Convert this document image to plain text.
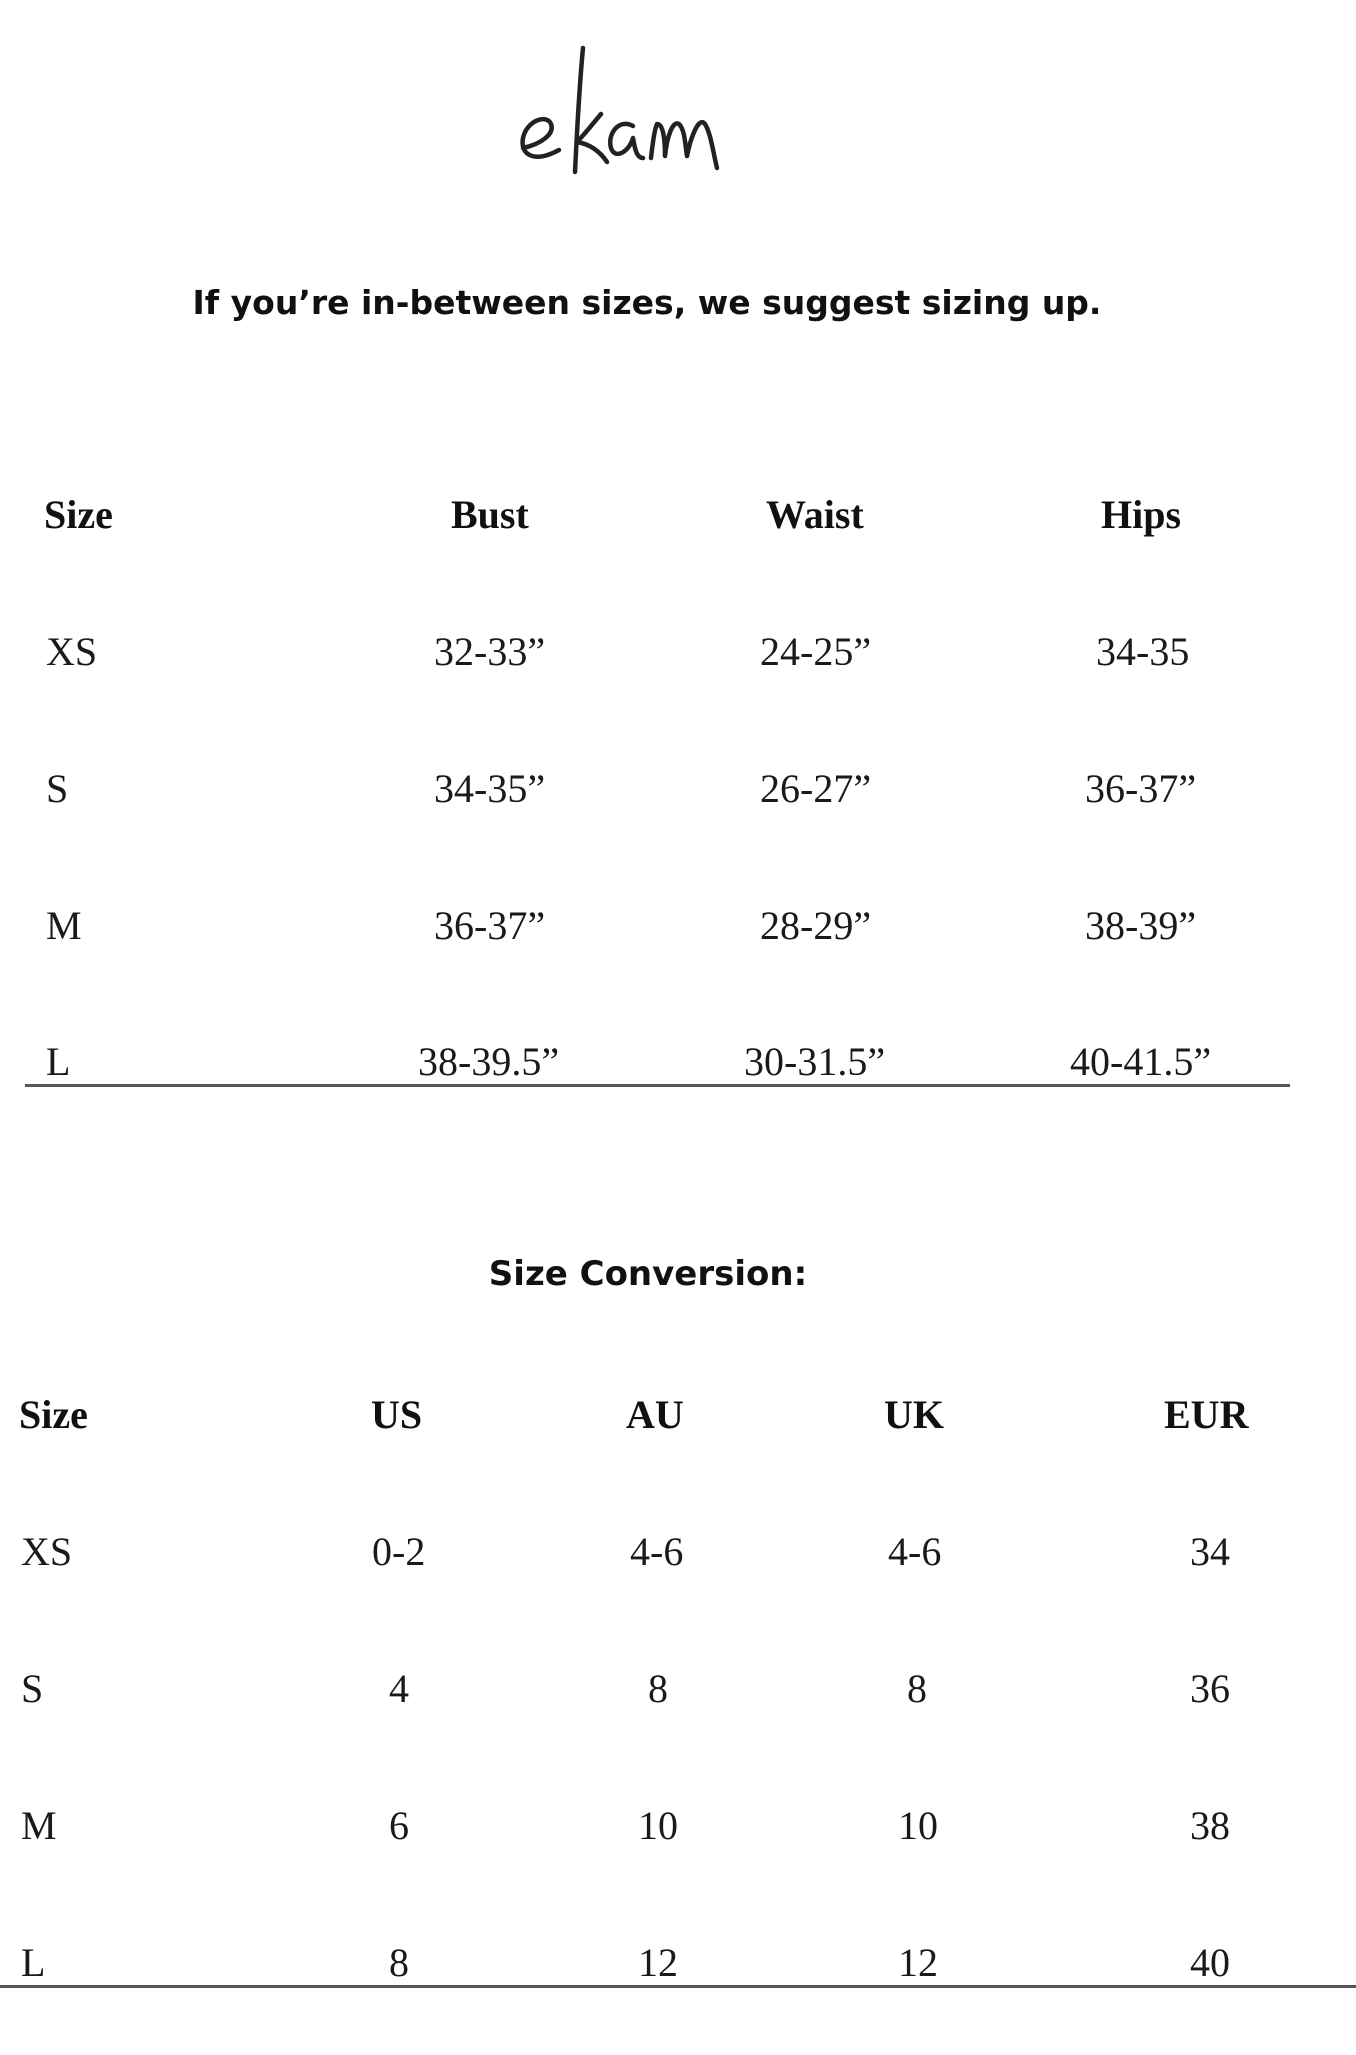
If you’re in-between sizes, we suggest sizing up.
Size	Bust	Waist	Hips
XS	32-33”	24-25”	34-35
S	34-35”	26-27”	36-37”
M	36-37”	28-29”	38-39”
L	38-39.5”	30-31.5”	40-41.5”
Size Conversion:
Size	US	AU	UK	EUR
XS	0-2	4-6	4-6	34
S	4	8	8	36
M	6	10	10	38
L	8	12	12	40
